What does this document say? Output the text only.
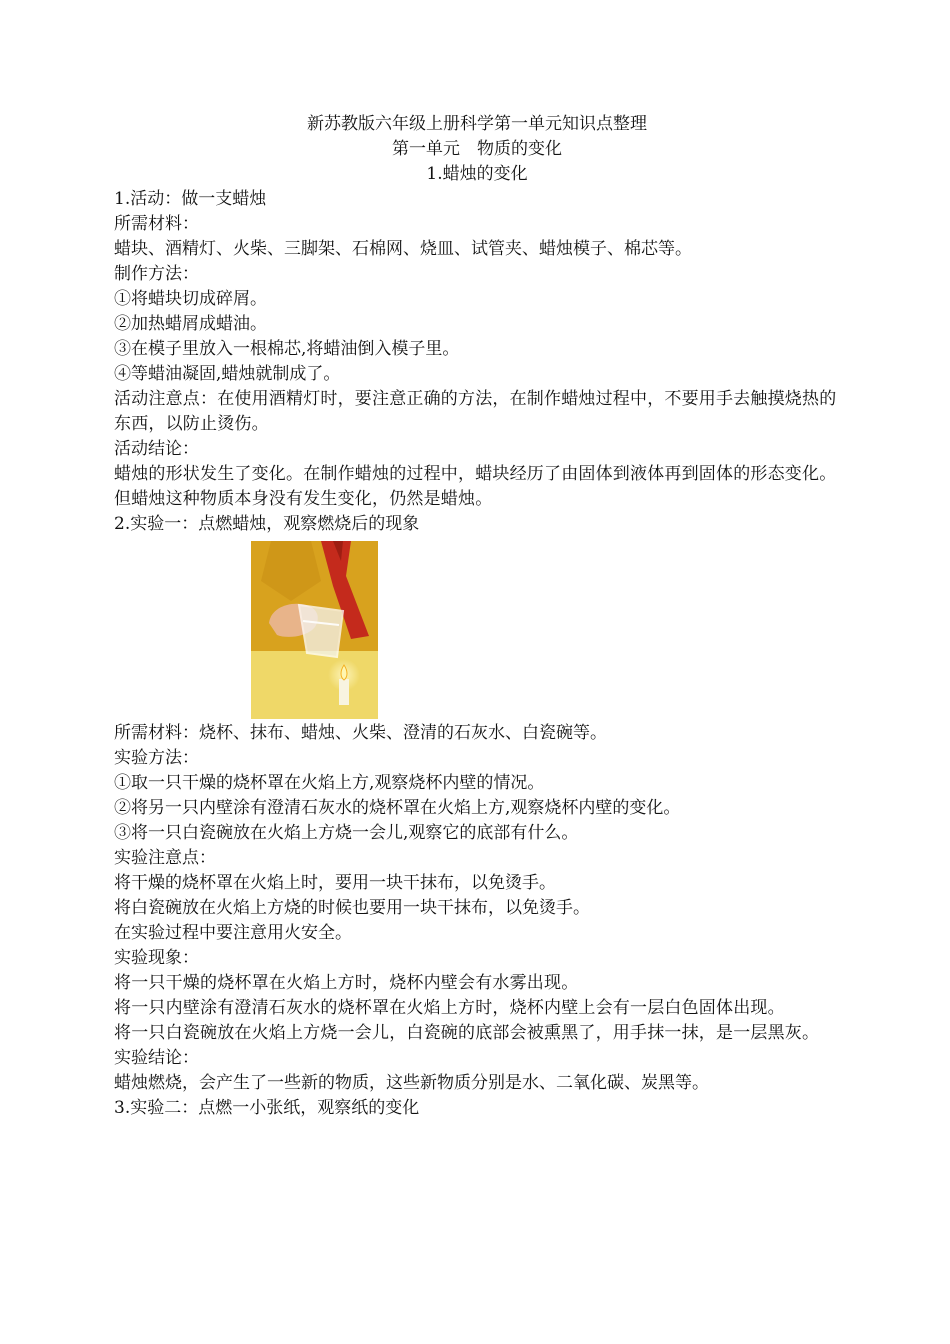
新苏教版六年级上册科学第一单元知识点整理
第一单元　物质的变化
1.蜡烛的变化
1.活动：做一支蜡烛
所需材料：
蜡块、酒精灯、火柴、三脚架、石棉网、烧皿、试管夹、蜡烛模子、棉芯等。
制作方法：
①将蜡块切成碎屑。
②加热蜡屑成蜡油。
③在模子里放入一根棉芯,将蜡油倒入模子里。
④等蜡油凝固,蜡烛就制成了。
活动注意点：在使用酒精灯时，要注意正确的方法，在制作蜡烛过程中，不要用手去触摸烧热的东西，以防止烫伤。
活动结论：
蜡烛的形状发生了变化。在制作蜡烛的过程中，蜡块经历了由固体到液体再到固体的形态变化。但蜡烛这种物质本身没有发生变化，仍然是蜡烛。
2.实验一：点燃蜡烛，观察燃烧后的现象
所需材料：烧杯、抹布、蜡烛、火柴、澄清的石灰水、白瓷碗等。
实验方法：
①取一只干燥的烧杯罩在火焰上方,观察烧杯内壁的情况。
②将另一只内壁涂有澄清石灰水的烧杯罩在火焰上方,观察烧杯内壁的变化。
③将一只白瓷碗放在火焰上方烧一会儿,观察它的底部有什么。
实验注意点：
将干燥的烧杯罩在火焰上时，要用一块干抹布，以免烫手。
将白瓷碗放在火焰上方烧的时候也要用一块干抹布，以免烫手。
在实验过程中要注意用火安全。
实验现象：
将一只干燥的烧杯罩在火焰上方时，烧杯内壁会有水雾出现。
将一只内壁涂有澄清石灰水的烧杯罩在火焰上方时，烧杯内壁上会有一层白色固体出现。
将一只白瓷碗放在火焰上方烧一会儿，白瓷碗的底部会被熏黑了，用手抹一抹，是一层黑灰。
实验结论：
蜡烛燃烧，会产生了一些新的物质，这些新物质分别是水、二氧化碳、炭黑等。
3.实验二：点燃一小张纸，观察纸的变化
